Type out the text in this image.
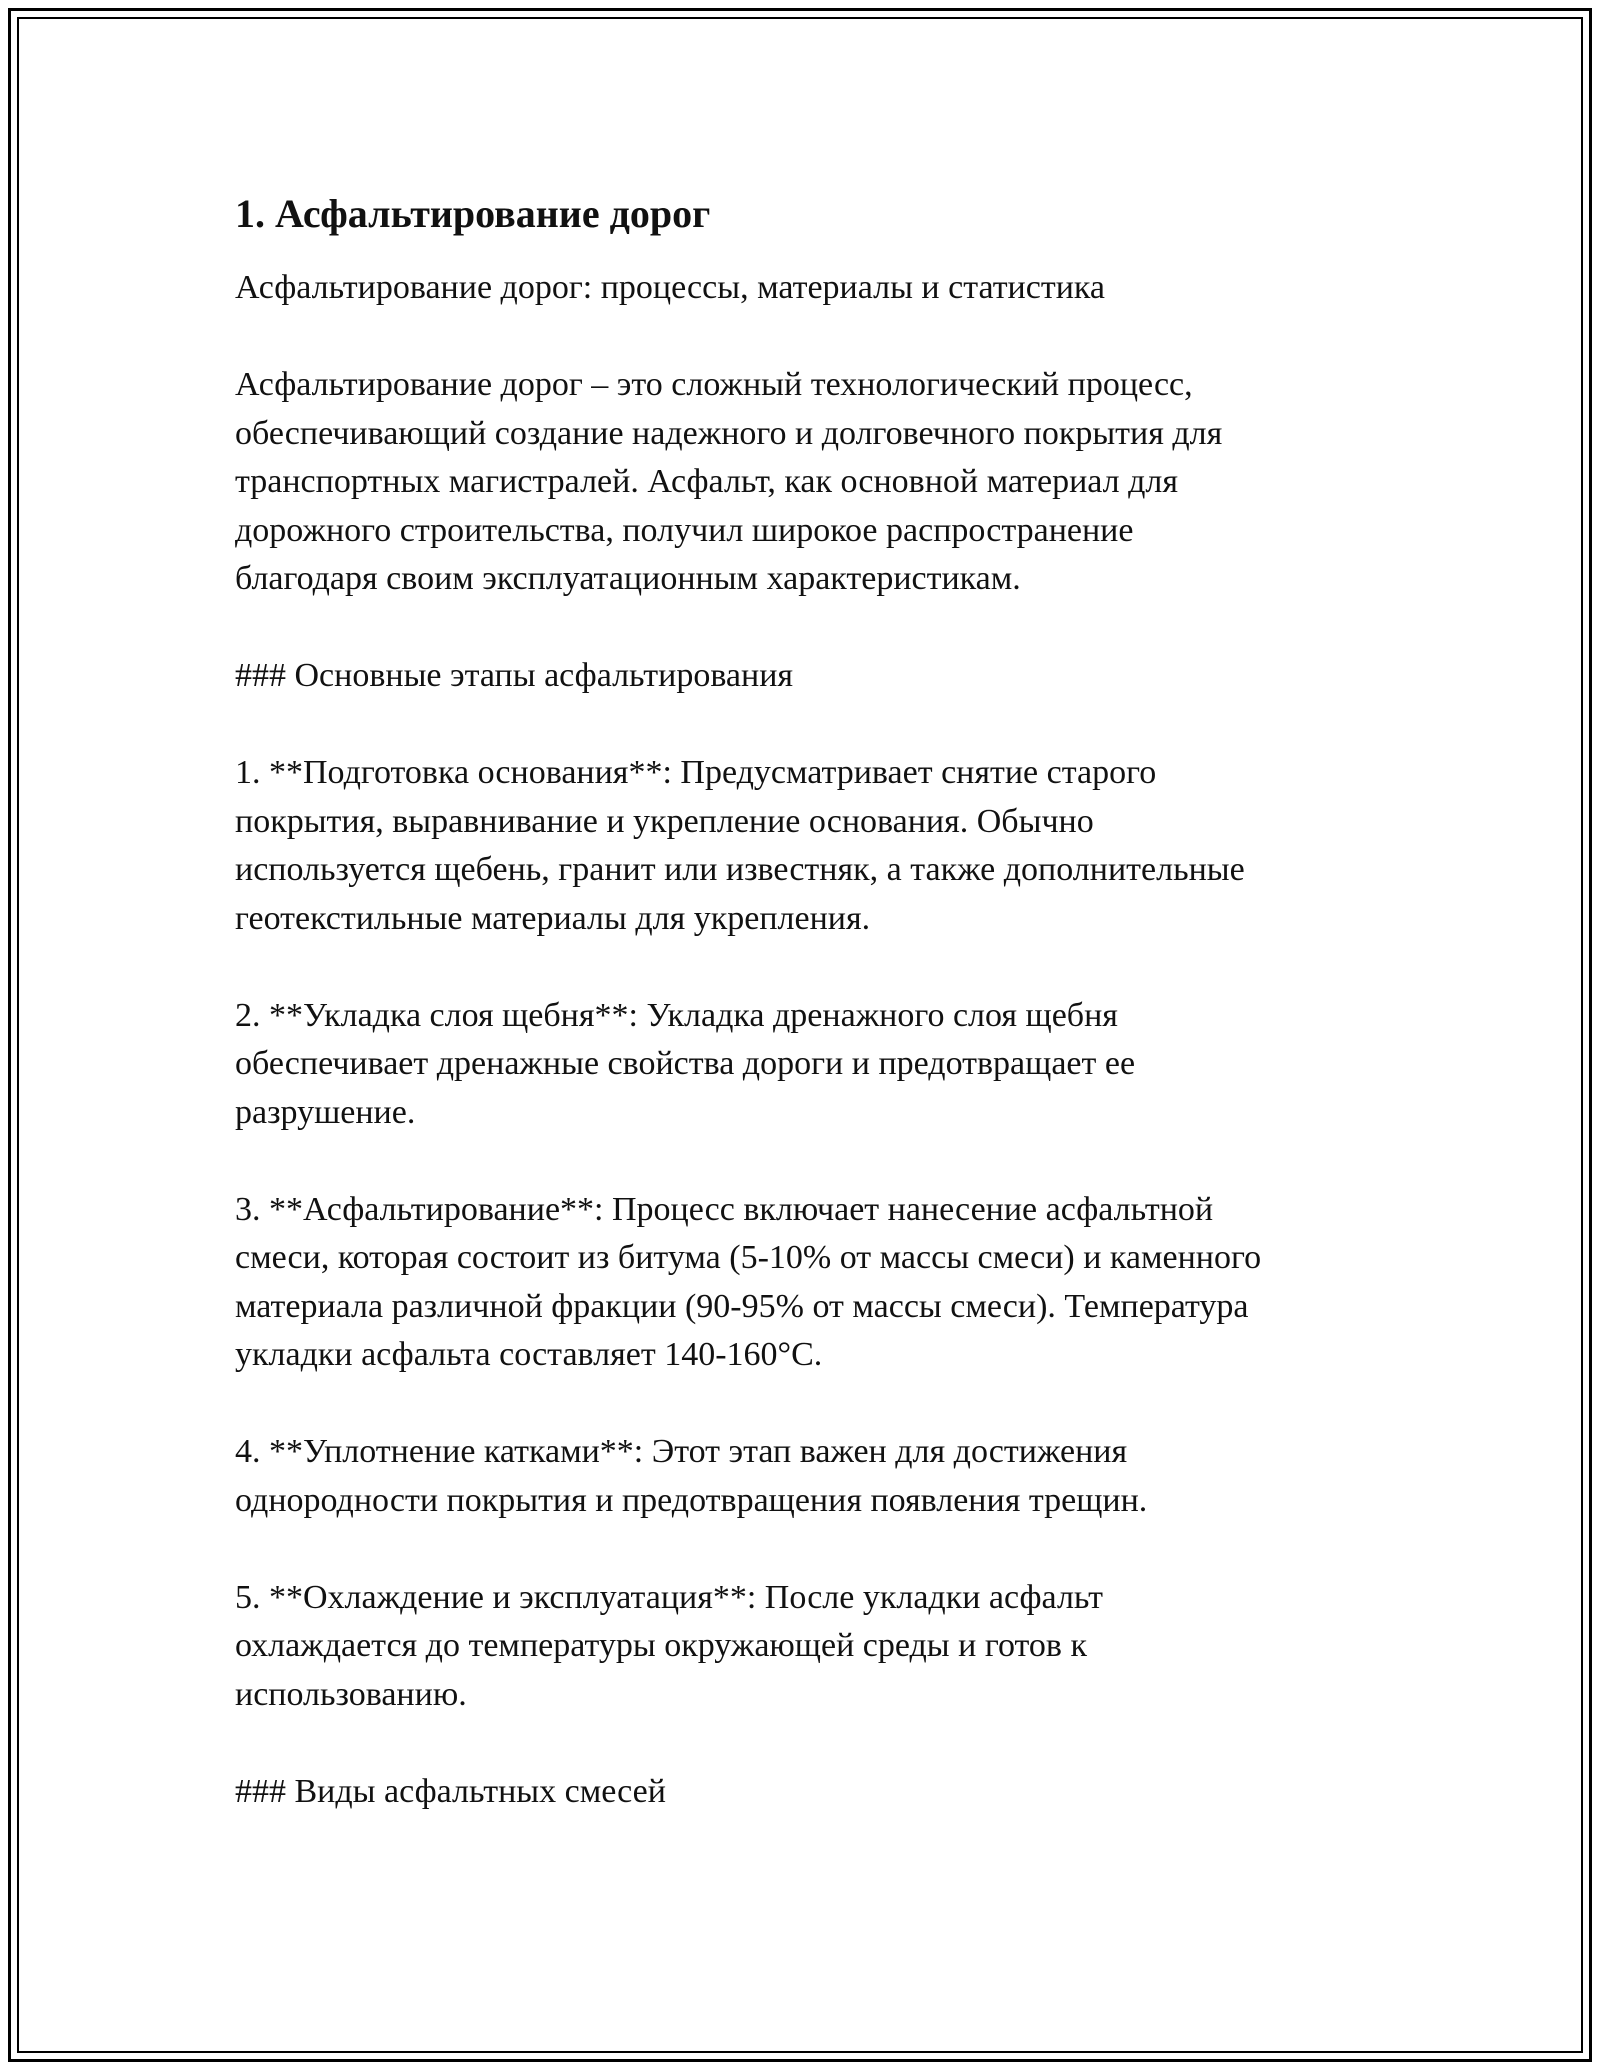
1. Асфальтирование дорог

Асфальтирование дорог: процессы, материалы и статистика

Асфальтирование дорог – это сложный технологический процесс,
обеспечивающий создание надежного и долговечного покрытия для
транспортных магистралей. Асфальт, как основной материал для
дорожного строительства, получил широкое распространение
благодаря своим эксплуатационным характеристикам.

### Основные этапы асфальтирования

1. **Подготовка основания**: Предусматривает снятие старого
покрытия, выравнивание и укрепление основания. Обычно
используется щебень, гранит или известняк, а также дополнительные
геотекстильные материалы для укрепления.

2. **Укладка слоя щебня**: Укладка дренажного слоя щебня
обеспечивает дренажные свойства дороги и предотвращает ее
разрушение.

3. **Асфальтирование**: Процесс включает нанесение асфальтной
смеси, которая состоит из битума (5-10% от массы смеси) и каменного
материала различной фракции (90-95% от массы смеси). Температура
укладки асфальта составляет 140-160°C.

4. **Уплотнение катками**: Этот этап важен для достижения
однородности покрытия и предотвращения появления трещин.

5. **Охлаждение и эксплуатация**: После укладки асфальт
охлаждается до температуры окружающей среды и готов к
использованию.

### Виды асфальтных смесей
